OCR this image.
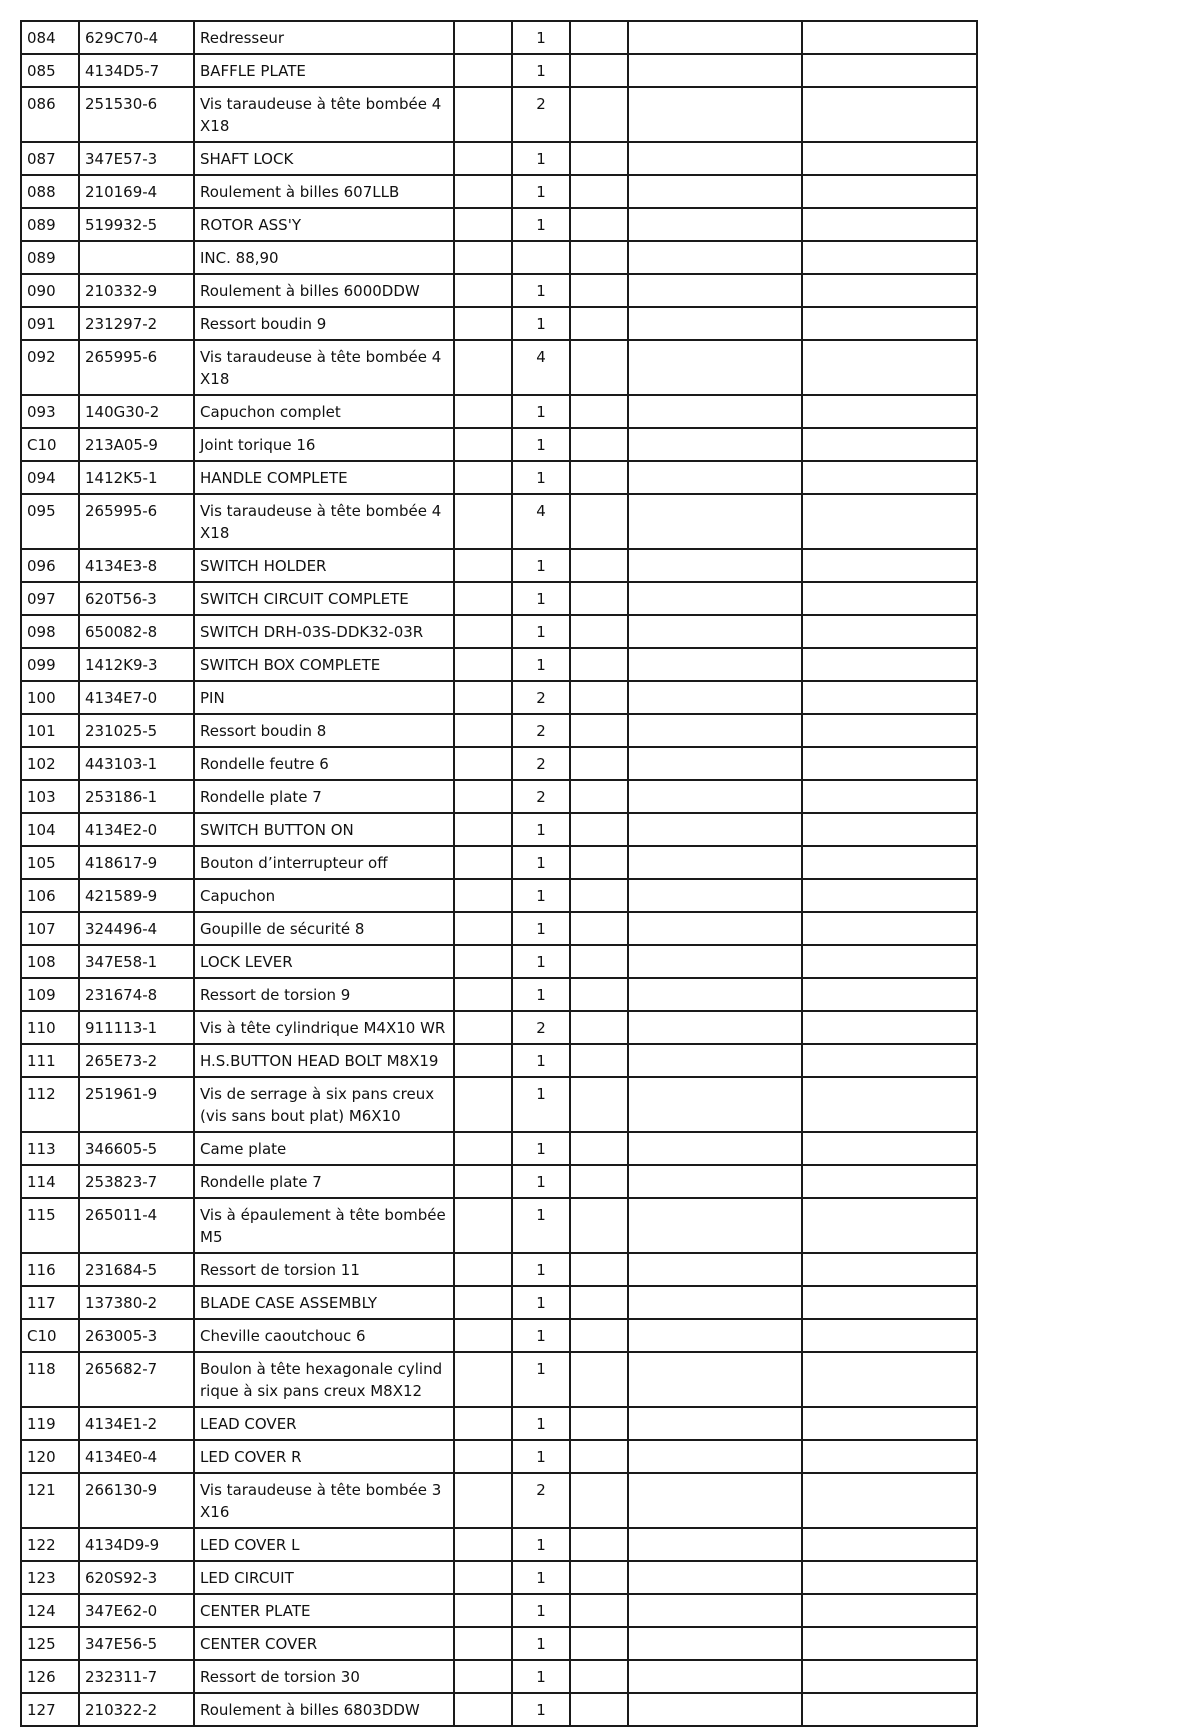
084	629C70-4	Redresseur		1			
085	4134D5-7	BAFFLE PLATE		1			
086	251530-6	Vis taraudeuse à tête bombée 4X18		2			
087	347E57-3	SHAFT LOCK		1			
088	210169-4	Roulement à billes 607LLB		1			
089	519932-5	ROTOR ASS'Y		1			
089		INC. 88,90					
090	210332-9	Roulement à billes 6000DDW		1			
091	231297-2	Ressort boudin 9		1			
092	265995-6	Vis taraudeuse à tête bombée 4X18		4			
093	140G30-2	Capuchon complet		1			
C10	213A05-9	Joint torique 16		1			
094	1412K5-1	HANDLE COMPLETE		1			
095	265995-6	Vis taraudeuse à tête bombée 4X18		4			
096	4134E3-8	SWITCH HOLDER		1			
097	620T56-3	SWITCH CIRCUIT COMPLETE		1			
098	650082-8	SWITCH DRH-03S-DDK32-03R		1			
099	1412K9-3	SWITCH BOX COMPLETE		1			
100	4134E7-0	PIN		2			
101	231025-5	Ressort boudin 8		2			
102	443103-1	Rondelle feutre 6		2			
103	253186-1	Rondelle plate 7		2			
104	4134E2-0	SWITCH BUTTON ON		1			
105	418617-9	Bouton d’interrupteur off		1			
106	421589-9	Capuchon		1			
107	324496-4	Goupille de sécurité 8		1			
108	347E58-1	LOCK LEVER		1			
109	231674-8	Ressort de torsion 9		1			
110	911113-1	Vis à tête cylindrique M4X10 WR		2			
111	265E73-2	H.S.BUTTON HEAD BOLT M8X19		1			
112	251961-9	Vis de serrage à six pans creux (vis sans bout plat) M6X10		1			
113	346605-5	Came plate		1			
114	253823-7	Rondelle plate 7		1			
115	265011-4	Vis à épaulement à tête bombée M5		1			
116	231684-5	Ressort de torsion 11		1			
117	137380-2	BLADE CASE ASSEMBLY		1			
C10	263005-3	Cheville caoutchouc 6		1			
118	265682-7	Boulon à tête hexagonale cylindrique à six pans creux M8X12		1			
119	4134E1-2	LEAD COVER		1			
120	4134E0-4	LED COVER R		1			
121	266130-9	Vis taraudeuse à tête bombée 3X16		2			
122	4134D9-9	LED COVER L		1			
123	620S92-3	LED CIRCUIT		1			
124	347E62-0	CENTER PLATE		1			
125	347E56-5	CENTER COVER		1			
126	232311-7	Ressort de torsion 30		1			
127	210322-2	Roulement à billes 6803DDW		1			
